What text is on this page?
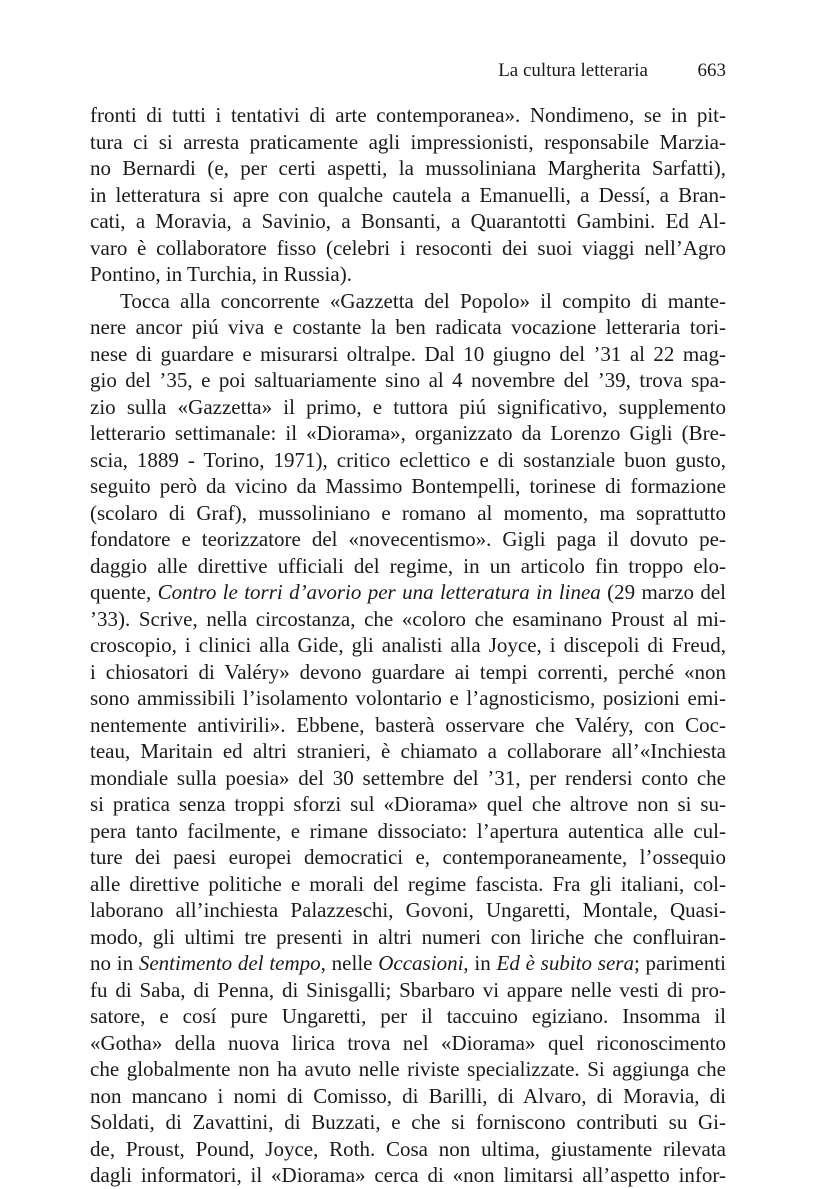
La cultura letteraria	663
fronti di tutti i tentativi di arte contemporanea». Nondimeno, se in pit-
tura ci si arresta praticamente agli impressionisti, responsabile Marzia-
no Bernardi (e, per certi aspetti, la mussoliniana Margherita Sarfatti),
in letteratura si apre con qualche cautela a Emanuelli, a Dessí, a Bran-
cati, a Moravia, a Savinio, a Bonsanti, a Quarantotti Gambini. Ed Al-
varo è collaboratore fisso (celebri i resoconti dei suoi viaggi nell’Agro
Pontino, in Turchia, in Russia).
Tocca alla concorrente «Gazzetta del Popolo» il compito di mante-
nere ancor piú viva e costante la ben radicata vocazione letteraria tori-
nese di guardare e misurarsi oltralpe. Dal 10 giugno del ’31 al 22 mag-
gio del ’35, e poi saltuariamente sino al 4 novembre del ’39, trova spa-
zio sulla «Gazzetta» il primo, e tuttora piú significativo, supplemento
letterario settimanale: il «Diorama», organizzato da Lorenzo Gigli (Bre-
scia, 1889 - Torino, 1971), critico eclettico e di sostanziale buon gusto,
seguito però da vicino da Massimo Bontempelli, torinese di formazione
(scolaro di Graf), mussoliniano e romano al momento, ma soprattutto
fondatore e teorizzatore del «novecentismo». Gigli paga il dovuto pe-
daggio alle direttive ufficiali del regime, in un articolo fin troppo elo-
quente, Contro le torri d’avorio per una letteratura in linea (29 marzo del
’33). Scrive, nella circostanza, che «coloro che esaminano Proust al mi-
croscopio, i clinici alla Gide, gli analisti alla Joyce, i discepoli di Freud,
i chiosatori di Valéry» devono guardare ai tempi correnti, perché «non
sono ammissibili l’isolamento volontario e l’agnosticismo, posizioni emi-
nentemente antivirili». Ebbene, basterà osservare che Valéry, con Coc-
teau, Maritain ed altri stranieri, è chiamato a collaborare all’«Inchiesta
mondiale sulla poesia» del 30 settembre del ’31, per rendersi conto che
si pratica senza troppi sforzi sul «Diorama» quel che altrove non si su-
pera tanto facilmente, e rimane dissociato: l’apertura autentica alle cul-
ture dei paesi europei democratici e, contemporaneamente, l’ossequio
alle direttive politiche e morali del regime fascista. Fra gli italiani, col-
laborano all’inchiesta Palazzeschi, Govoni, Ungaretti, Montale, Quasi-
modo, gli ultimi tre presenti in altri numeri con liriche che confluiran-
no in Sentimento del tempo, nelle Occasioni, in Ed è subito sera; parimenti
fu di Saba, di Penna, di Sinisgalli; Sbarbaro vi appare nelle vesti di pro-
satore, e cosí pure Ungaretti, per il taccuino egiziano. Insomma il
«Gotha» della nuova lirica trova nel «Diorama» quel riconoscimento
che globalmente non ha avuto nelle riviste specializzate. Si aggiunga che
non mancano i nomi di Comisso, di Barilli, di Alvaro, di Moravia, di
Soldati, di Zavattini, di Buzzati, e che si forniscono contributi su Gi-
de, Proust, Pound, Joyce, Roth. Cosa non ultima, giustamente rilevata
dagli informatori, il «Diorama» cerca di «non limitarsi all’aspetto infor-
